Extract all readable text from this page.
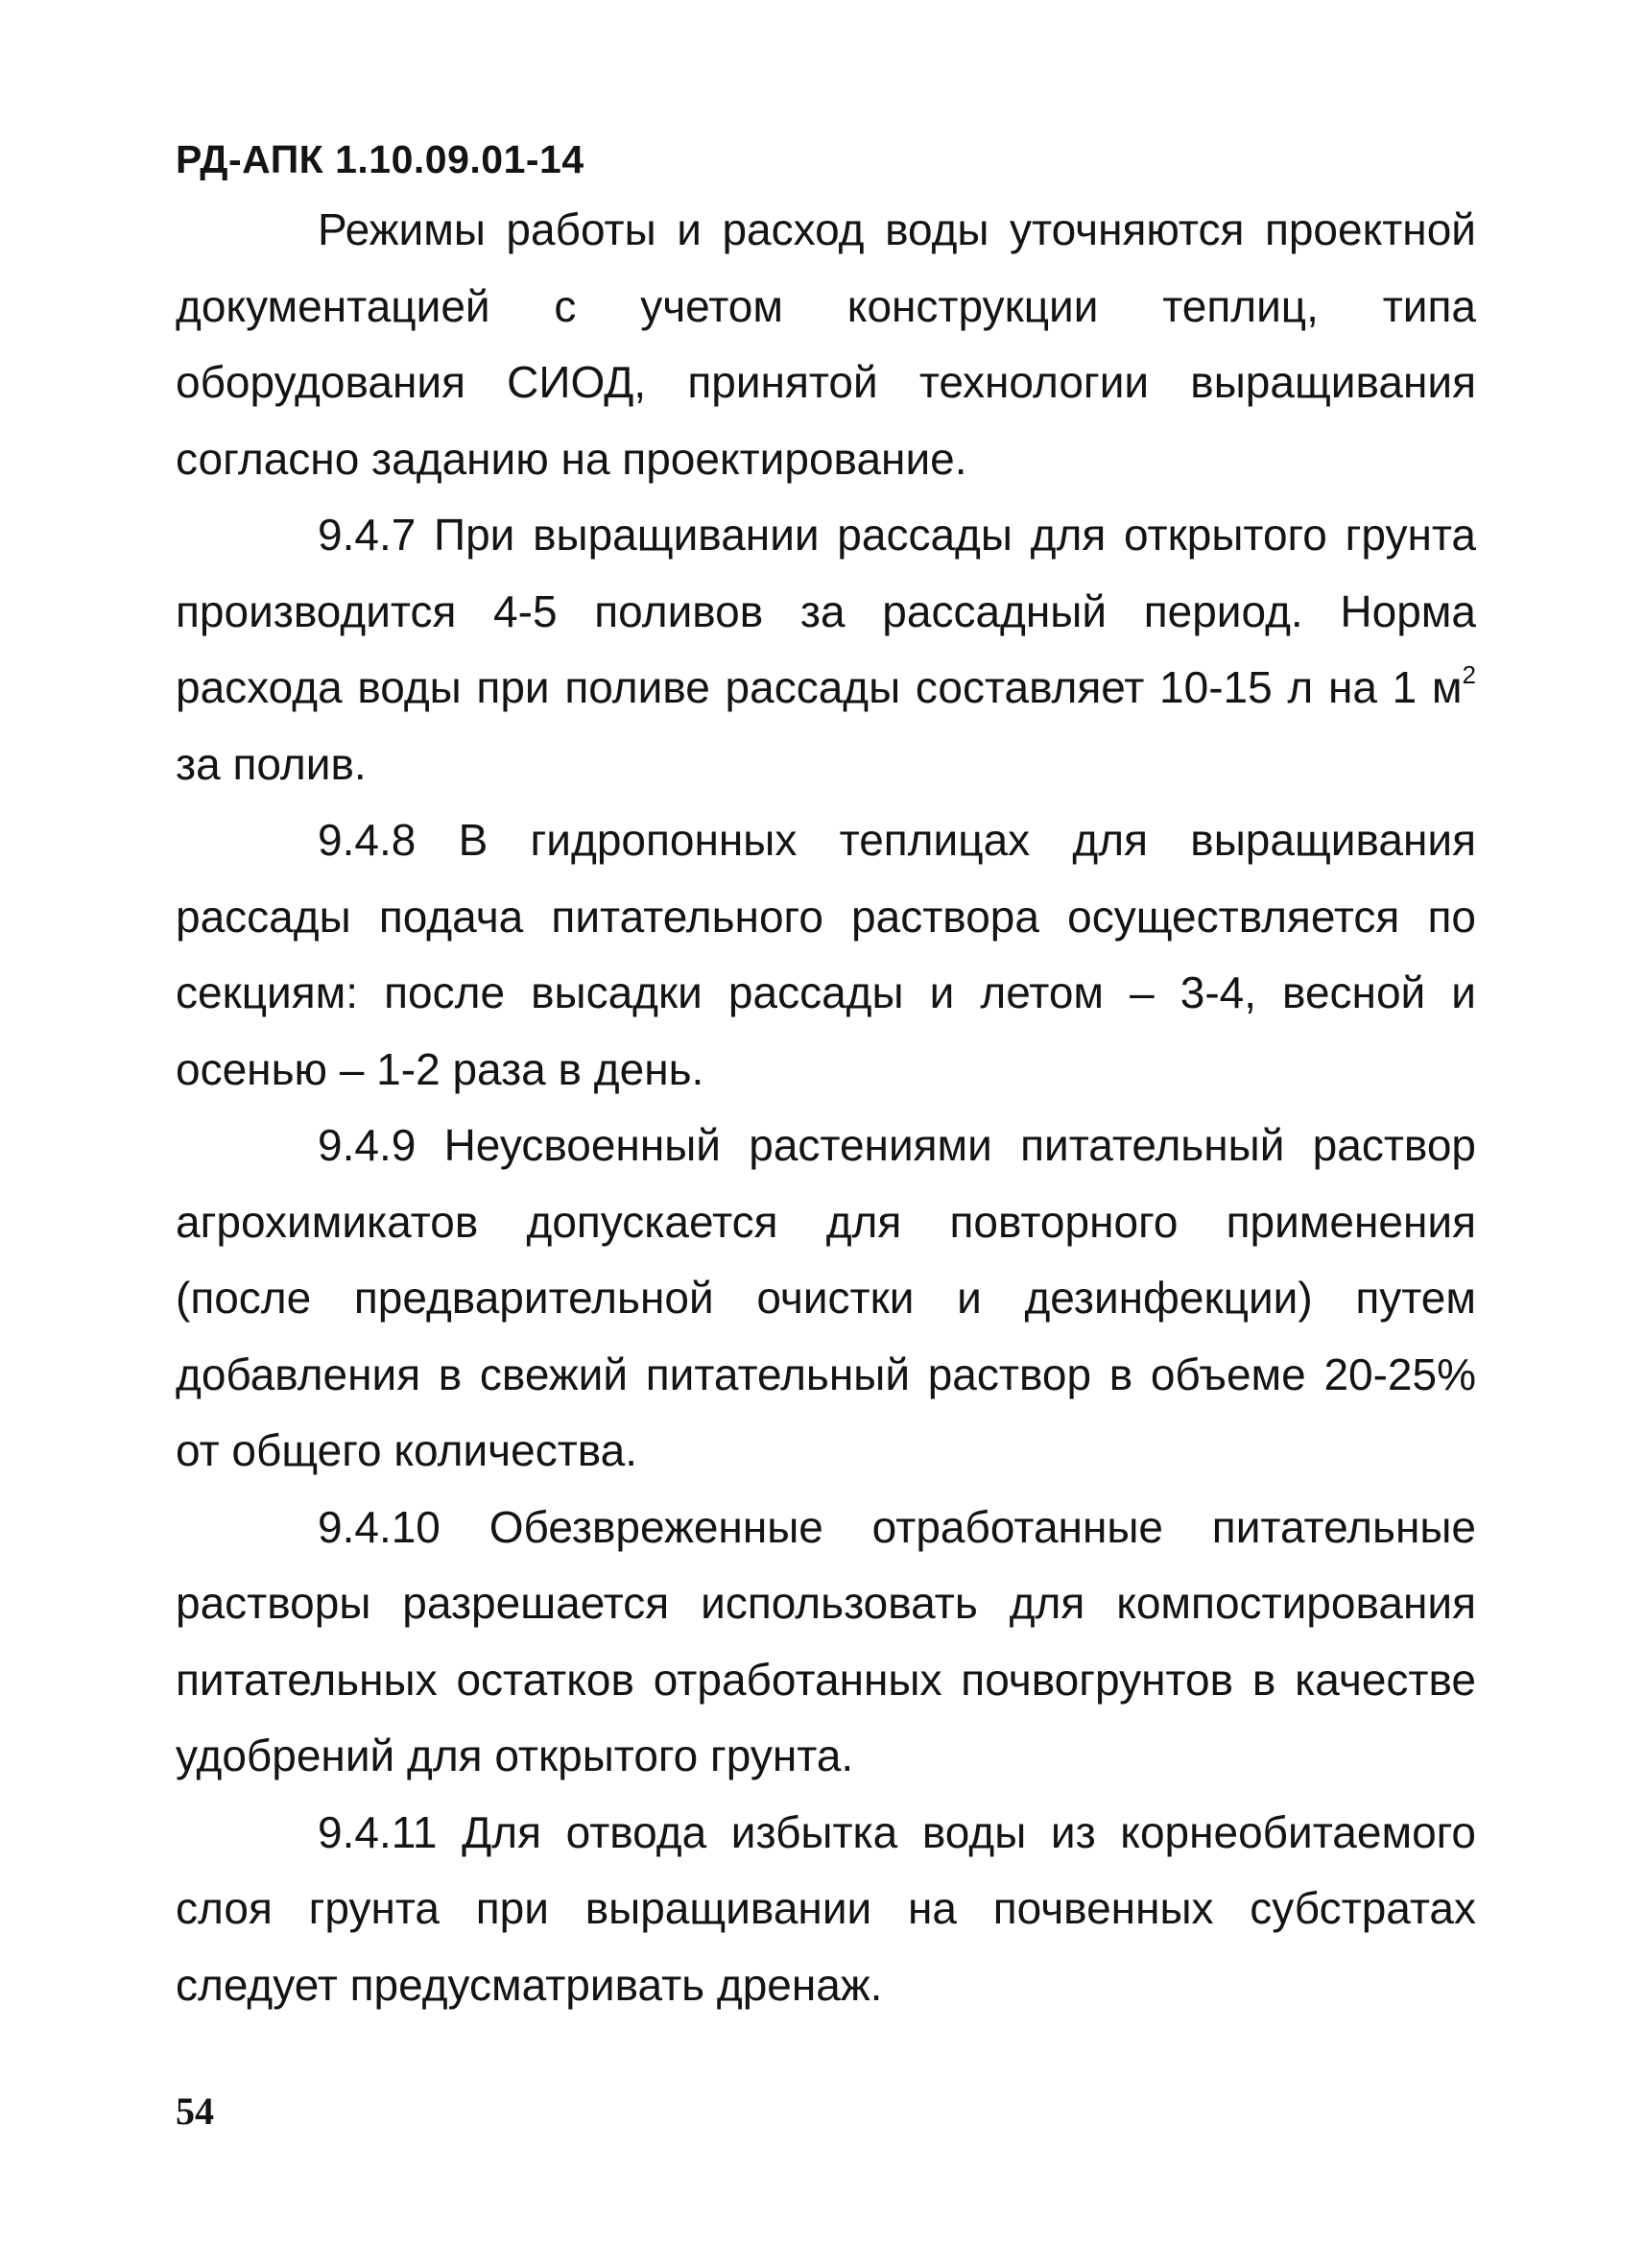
РД-АПК 1.10.09.01-14

Режимы работы и расход воды уточняются проектной документацией с учетом конструкции теплиц, типа оборудования СИОД, принятой технологии выращивания согласно заданию на проектирование.

9.4.7 При выращивании рассады для открытого грунта производится 4-5 поливов за рассадный период. Норма расхода воды при поливе рассады составляет 10-15 л на 1 $м^2$ за полив.

9.4.8 В гидропонных теплицах для выращивания рассады подача питательного раствора осуществляется по секциям: после высадки рассады и летом – 3-4, весной и осенью – 1-2 раза в день.

9.4.9 Неусвоенный растениями питательный раствор агрохимикатов допускается для повторного применения (после предварительной очистки и дезинфекции) путем добавления в свежий питательный раствор в объеме 20-25% от общего количества.

9.4.10 Обезвреженные отработанные питательные растворы разрешается использовать для компостирования питательных остатков отработанных почвогрунтов в качестве удобрений для открытого грунта.

9.4.11 Для отвода избытка воды из корнеобитаемого слоя грунта при выращивании на почвенных субстратах следует предусматривать дренаж.

54
